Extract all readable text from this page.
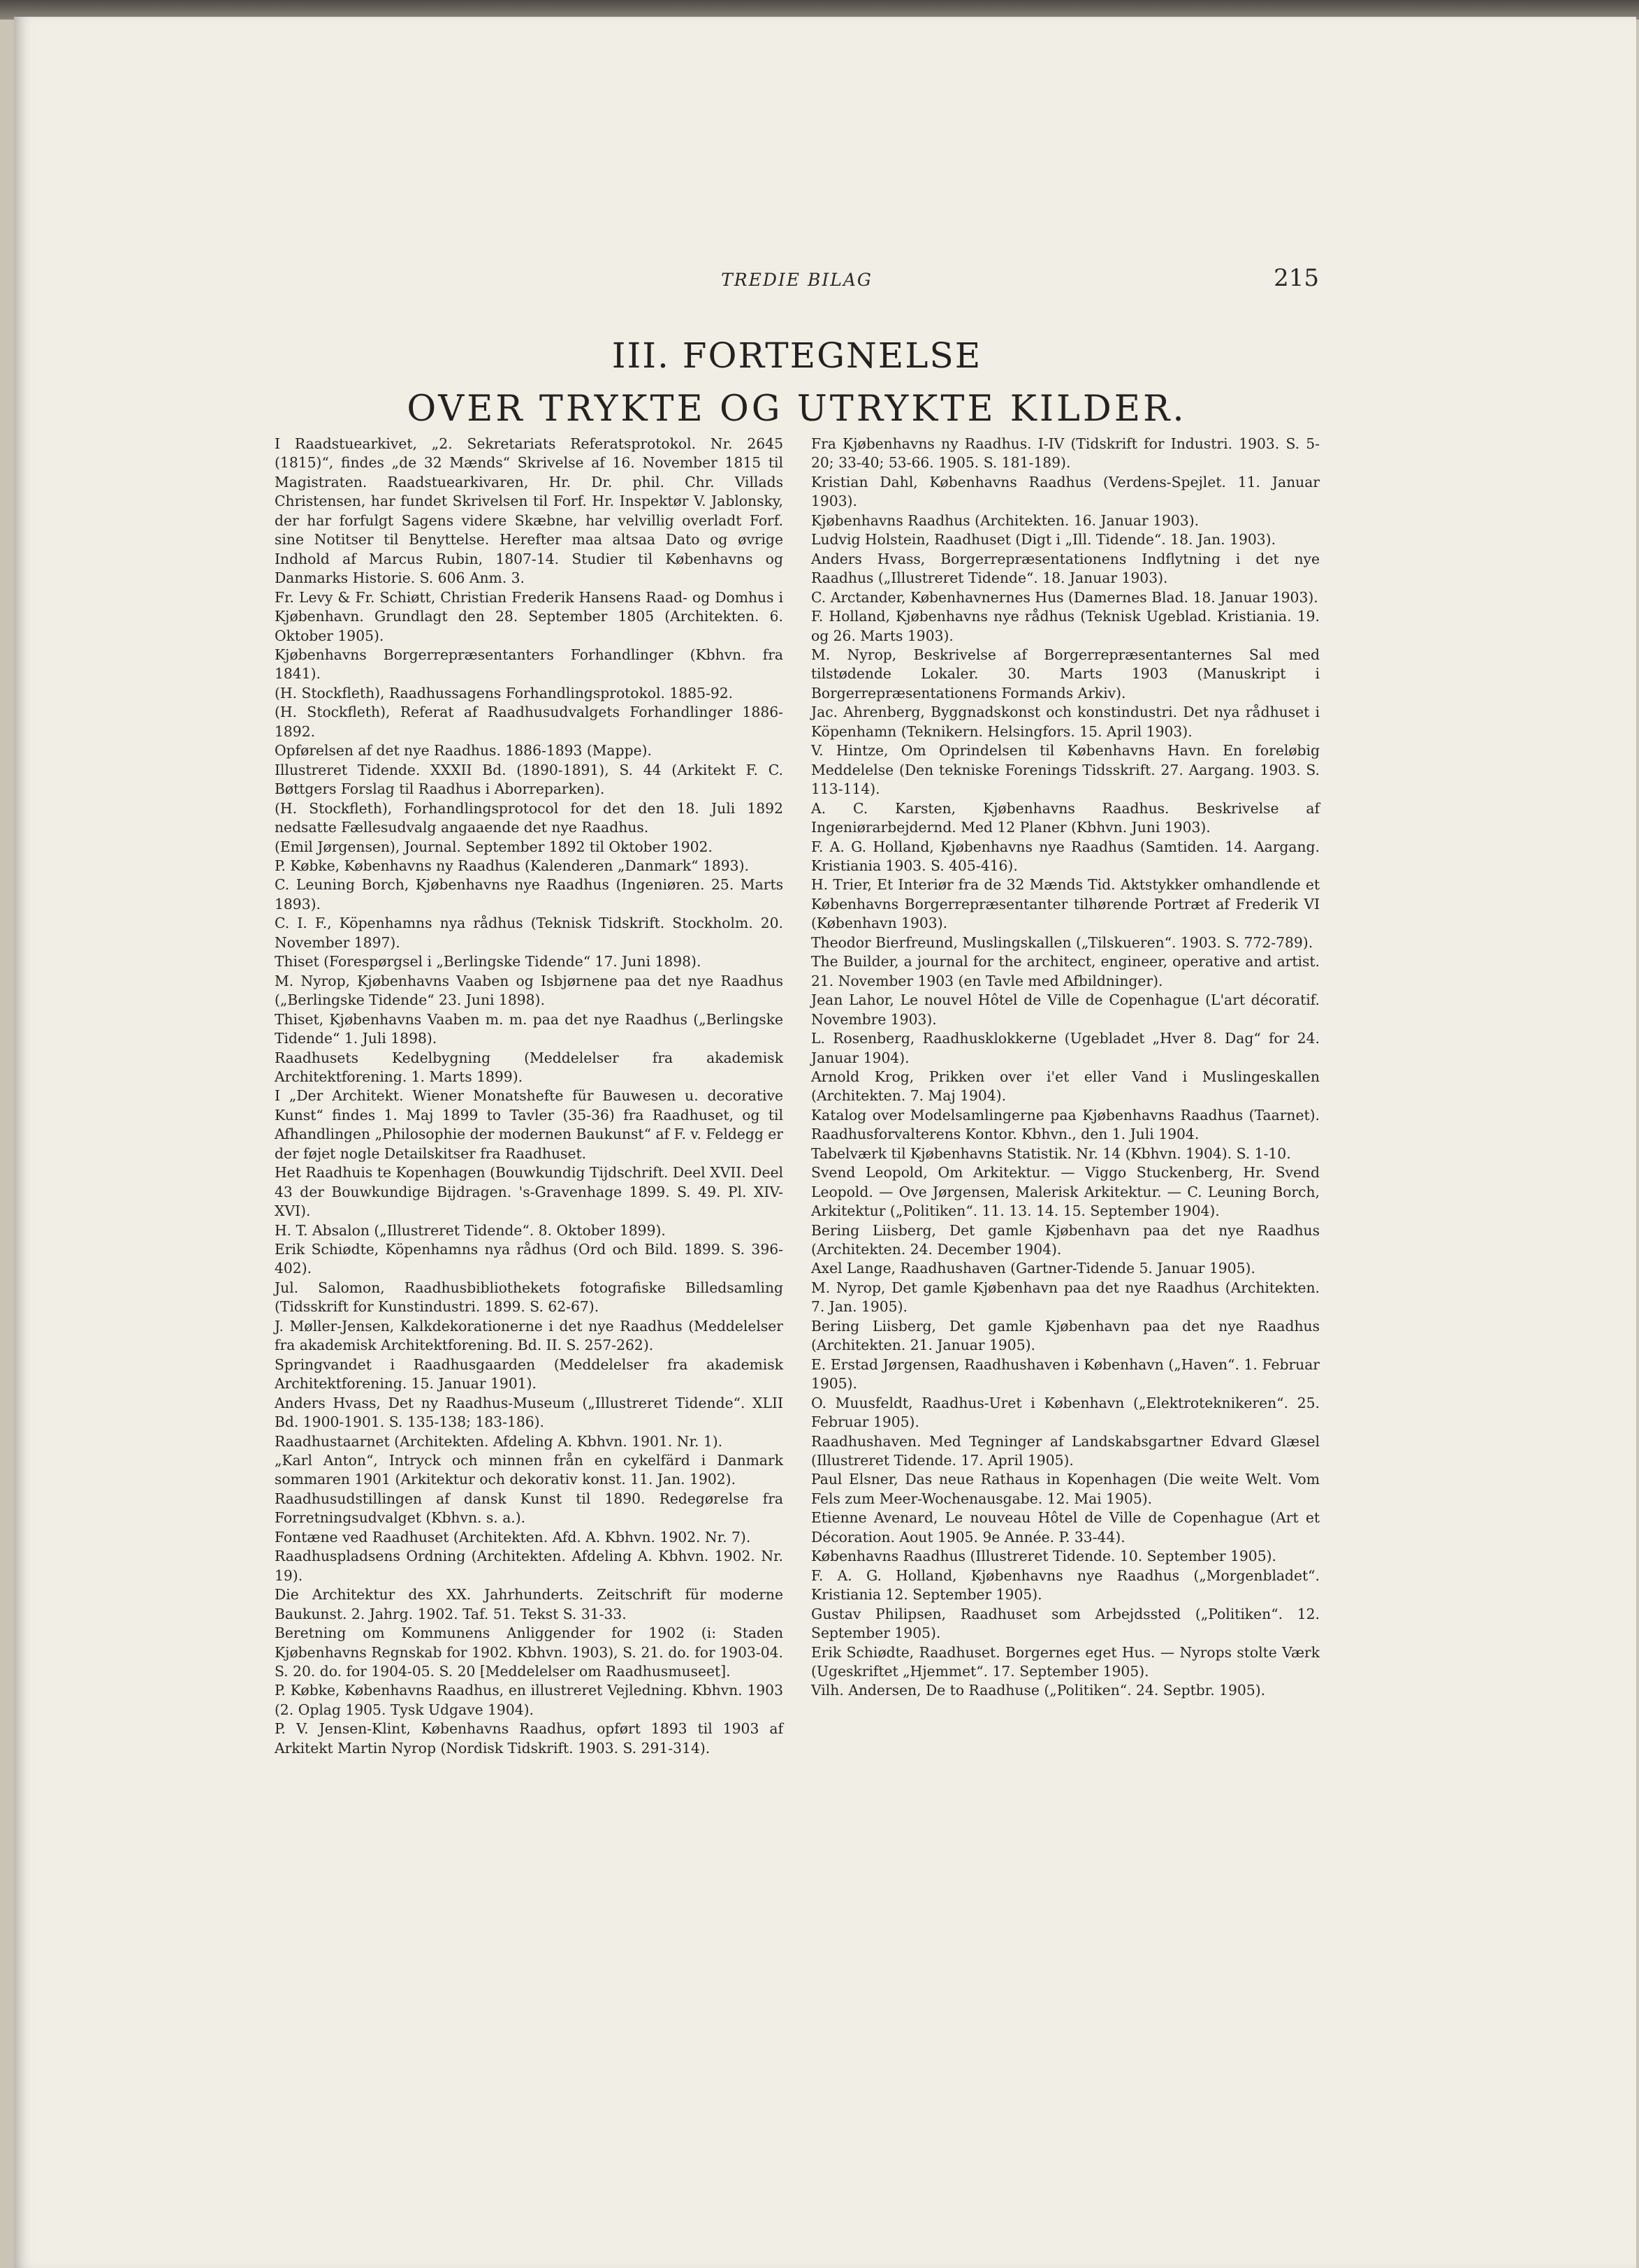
TREDIE BILAG	215
III. FORTEGNELSE
OVER TRYKTE OG UTRYKTE KILDER.

I Raadstuearkivet, „2. Sekretariats Referatsprotokol. Nr. 2645 (1815)“, findes „de 32 Mænds“ Skrivelse af 16. November 1815 til Magistraten. Raadstuearkivaren, Hr. Dr. phil. Chr. Villads Christensen, har fundet Skrivelsen til Forf. Hr. Inspektør V. Jablonsky, der har forfulgt Sagens videre Skæbne, har velvillig overladt Forf. sine Notitser til Benyttelse. Herefter maa altsaa Dato og øvrige Indhold af Marcus Rubin, 1807-14. Studier til Københavns og Danmarks Historie. S. 606 Anm. 3.

Fr. Levy & Fr. Schiøtt, Christian Frederik Hansens Raad- og Domhus i Kjøbenhavn. Grundlagt den 28. September 1805 (Architekten. 6. Oktober 1905).

Kjøbenhavns Borgerrepræsentanters Forhandlinger (Kbhvn. fra 1841).

(H. Stockfleth), Raadhussagens Forhandlingsprotokol. 1885-92.

(H. Stockfleth), Referat af Raadhusudvalgets Forhandlinger 1886-1892.

Opførelsen af det nye Raadhus. 1886-1893 (Mappe).

Illustreret Tidende. XXXII Bd. (1890-1891), S. 44 (Arkitekt F. C. Bøttgers Forslag til Raadhus i Aborreparken).

(H. Stockfleth), Forhandlingsprotocol for det den 18. Juli 1892 nedsatte Fællesudvalg angaaende det nye Raadhus.

(Emil Jørgensen), Journal. September 1892 til Oktober 1902.

P. Købke, Københavns ny Raadhus (Kalenderen „Danmark“ 1893).

C. Leuning Borch, Kjøbenhavns nye Raadhus (Ingeniøren. 25. Marts 1893).

C. I. F., Köpenhamns nya rådhus (Teknisk Tidskrift. Stockholm. 20. November 1897).

Thiset (Forespørgsel i „Berlingske Tidende“ 17. Juni 1898).

M. Nyrop, Kjøbenhavns Vaaben og Isbjørnene paa det nye Raadhus („Berlingske Tidende“ 23. Juni 1898).

Thiset, Kjøbenhavns Vaaben m. m. paa det nye Raadhus („Berlingske Tidende“ 1. Juli 1898).

Raadhusets Kedelbygning (Meddelelser fra akademisk Architektforening. 1. Marts 1899).

I „Der Architekt. Wiener Monatshefte für Bauwesen u. decorative Kunst“ findes 1. Maj 1899 to Tavler (35-36) fra Raadhuset, og til Afhandlingen „Philosophie der modernen Baukunst“ af F. v. Feldegg er der føjet nogle Detailskitser fra Raadhuset.

Het Raadhuis te Kopenhagen (Bouwkundig Tijdschrift. Deel XVII. Deel 43 der Bouwkundige Bijdragen. 's-Gravenhage 1899. S. 49. Pl. XIV-XVI).

H. T. Absalon („Illustreret Tidende“. 8. Oktober 1899).

Erik Schiødte, Köpenhamns nya rådhus (Ord och Bild. 1899. S. 396-402).

Jul. Salomon, Raadhusbibliothekets fotografiske Billedsamling (Tidsskrift for Kunstindustri. 1899. S. 62-67).

J. Møller-Jensen, Kalkdekorationerne i det nye Raadhus (Meddelelser fra akademisk Architektforening. Bd. II. S. 257-262).

Springvandet i Raadhusgaarden (Meddelelser fra akademisk Architektforening. 15. Januar 1901).

Anders Hvass, Det ny Raadhus-Museum („Illustreret Tidende“. XLII Bd. 1900-1901. S. 135-138; 183-186).

Raadhustaarnet (Architekten. Afdeling A. Kbhvn. 1901. Nr. 1).

„Karl Anton“, Intryck och minnen från en cykelfärd i Danmark sommaren 1901 (Arkitektur och dekorativ konst. 11. Jan. 1902).

Raadhusudstillingen af dansk Kunst til 1890. Redegørelse fra Forretningsudvalget (Kbhvn. s. a.).

Fontæne ved Raadhuset (Architekten. Afd. A. Kbhvn. 1902. Nr. 7).

Raadhuspladsens Ordning (Architekten. Afdeling A. Kbhvn. 1902. Nr. 19).

Die Architektur des XX. Jahrhunderts. Zeitschrift für moderne Baukunst. 2. Jahrg. 1902. Taf. 51. Tekst S. 31-33.

Beretning om Kommunens Anliggender for 1902 (i: Staden Kjøbenhavns Regnskab for 1902. Kbhvn. 1903), S. 21. do. for 1903-04. S. 20. do. for 1904-05. S. 20 [Meddelelser om Raadhusmuseet].

P. Købke, Københavns Raadhus, en illustreret Vejledning. Kbhvn. 1903 (2. Oplag 1905. Tysk Udgave 1904).

P. V. Jensen-Klint, Københavns Raadhus, opført 1893 til 1903 af Arkitekt Martin Nyrop (Nordisk Tidskrift. 1903. S. 291-314).

Fra Kjøbenhavns ny Raadhus. I-IV (Tidskrift for Industri. 1903. S. 5-20; 33-40; 53-66. 1905. S. 181-189).

Kristian Dahl, Københavns Raadhus (Verdens-Spejlet. 11. Januar 1903).

Kjøbenhavns Raadhus (Architekten. 16. Januar 1903).

Ludvig Holstein, Raadhuset (Digt i „Ill. Tidende“. 18. Jan. 1903).

Anders Hvass, Borgerrepræsentationens Indflytning i det nye Raadhus („Illustreret Tidende“. 18. Januar 1903).

C. Arctander, Københavnernes Hus (Damernes Blad. 18. Januar 1903).

F. Holland, Kjøbenhavns nye rådhus (Teknisk Ugeblad. Kristiania. 19. og 26. Marts 1903).

M. Nyrop, Beskrivelse af Borgerrepræsentanternes Sal med tilstødende Lokaler. 30. Marts 1903 (Manuskript i Borgerrepræsentationens Formands Arkiv).

Jac. Ahrenberg, Byggnadskonst och konstindustri. Det nya rådhuset i Köpenhamn (Teknikern. Helsingfors. 15. April 1903).

V. Hintze, Om Oprindelsen til Københavns Havn. En foreløbig Meddelelse (Den tekniske Forenings Tidsskrift. 27. Aargang. 1903. S. 113-114).

A. C. Karsten, Kjøbenhavns Raadhus. Beskrivelse af Ingeniørarbejdernd. Med 12 Planer (Kbhvn. Juni 1903).

F. A. G. Holland, Kjøbenhavns nye Raadhus (Samtiden. 14. Aargang. Kristiania 1903. S. 405-416).

H. Trier, Et Interiør fra de 32 Mænds Tid. Aktstykker omhandlende et Københavns Borgerrepræsentanter tilhørende Portræt af Frederik VI (København 1903).

Theodor Bierfreund, Muslingskallen („Tilskueren“. 1903. S. 772-789).

The Builder, a journal for the architect, engineer, operative and artist. 21. November 1903 (en Tavle med Afbildninger).

Jean Lahor, Le nouvel Hôtel de Ville de Copenhague (L'art décoratif. Novembre 1903).

L. Rosenberg, Raadhusklokkerne (Ugebladet „Hver 8. Dag“ for 24. Januar 1904).

Arnold Krog, Prikken over i'et eller Vand i Muslingeskallen (Architekten. 7. Maj 1904).

Katalog over Modelsamlingerne paa Kjøbenhavns Raadhus (Taarnet). Raadhusforvalterens Kontor. Kbhvn., den 1. Juli 1904.

Tabelværk til Kjøbenhavns Statistik. Nr. 14 (Kbhvn. 1904). S. 1-10.

Svend Leopold, Om Arkitektur. — Viggo Stuckenberg, Hr. Svend Leopold. — Ove Jørgensen, Malerisk Arkitektur. — C. Leuning Borch, Arkitektur („Politiken“. 11. 13. 14. 15. September 1904).

Bering Liisberg, Det gamle Kjøbenhavn paa det nye Raadhus (Architekten. 24. December 1904).

Axel Lange, Raadhushaven (Gartner-Tidende 5. Januar 1905).

M. Nyrop, Det gamle Kjøbenhavn paa det nye Raadhus (Architekten. 7. Jan. 1905).

Bering Liisberg, Det gamle Kjøbenhavn paa det nye Raadhus (Architekten. 21. Januar 1905).

E. Erstad Jørgensen, Raadhushaven i København („Haven“. 1. Februar 1905).

O. Muusfeldt, Raadhus-Uret i København („Elektroteknikeren“. 25. Februar 1905).

Raadhushaven. Med Tegninger af Landskabsgartner Edvard Glæsel (Illustreret Tidende. 17. April 1905).

Paul Elsner, Das neue Rathaus in Kopenhagen (Die weite Welt. Vom Fels zum Meer-Wochenausgabe. 12. Mai 1905).

Etienne Avenard, Le nouveau Hôtel de Ville de Copenhague (Art et Décoration. Aout 1905. 9e Année. P. 33-44).

Københavns Raadhus (Illustreret Tidende. 10. September 1905).

F. A. G. Holland, Kjøbenhavns nye Raadhus („Morgenbladet“. Kristiania 12. September 1905).

Gustav Philipsen, Raadhuset som Arbejdssted („Politiken“. 12. September 1905).

Erik Schiødte, Raadhuset. Borgernes eget Hus. — Nyrops stolte Værk (Ugeskriftet „Hjemmet“. 17. September 1905).

Vilh. Andersen, De to Raadhuse („Politiken“. 24. Septbr. 1905).
